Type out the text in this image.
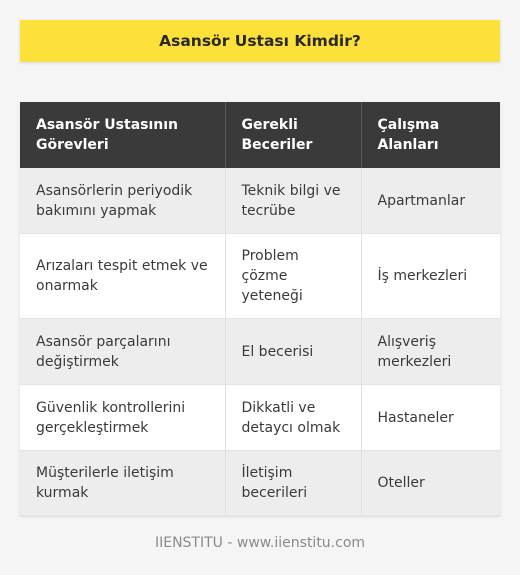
Asansör Ustası Kimdir?
Asansör Ustasının Görevleri	Gerekli Beceriler	Çalışma Alanları
Asansörlerin periyodik bakımını yapmak	Teknik bilgi ve tecrübe	Apartmanlar
Arızaları tespit etmek ve onarmak	Problem çözme yeteneği	İş merkezleri
Asansör parçalarını değiştirmek	El becerisi	Alışveriş merkezleri
Güvenlik kontrollerini gerçekleştirmek	Dikkatli ve detaycı olmak	Hastaneler
Müşterilerle iletişim kurmak	İletişim becerileri	Oteller
IIENSTITU - www.iienstitu.com
